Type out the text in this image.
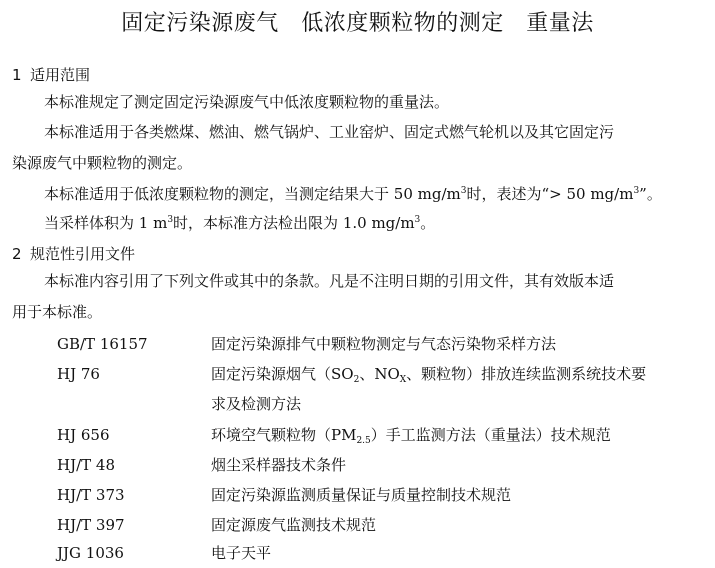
固定污染源废气　低浓度颗粒物的测定　重量法
1 适用范围
本标准规定了测定固定污染源废气中低浓度颗粒物的重量法。
本标准适用于各类燃煤、燃油、燃气锅炉、工业窑炉、固定式燃气轮机以及其它固定污
染源废气中颗粒物的测定。
本标准适用于低浓度颗粒物的测定，当测定结果大于 50 $mg/m^3$时，表述为“> 50 $mg/m^3$”。
当采样体积为 1 $m^3$时，本标准方法检出限为 1.0 $mg/m^3$。
2 规范性引用文件
本标准内容引用了下列文件或其中的条款。凡是不注明日期的引用文件，其有效版本适
用于本标准。
GB/T 16157	固定污染源排气中颗粒物测定与气态污染物采样方法
HJ 76	固定污染源烟气（$SO_2$、$NO_X$、颗粒物）排放连续监测系统技术要
求及检测方法
HJ 656	环境空气颗粒物$(PM_{2.5})$手工监测方法（重量法）技术规范
HJ/T 48	烟尘采样器技术条件
HJ/T 373	固定污染源监测质量保证与质量控制技术规范
HJ/T 397	固定源废气监测技术规范
JJG 1036	电子天平
